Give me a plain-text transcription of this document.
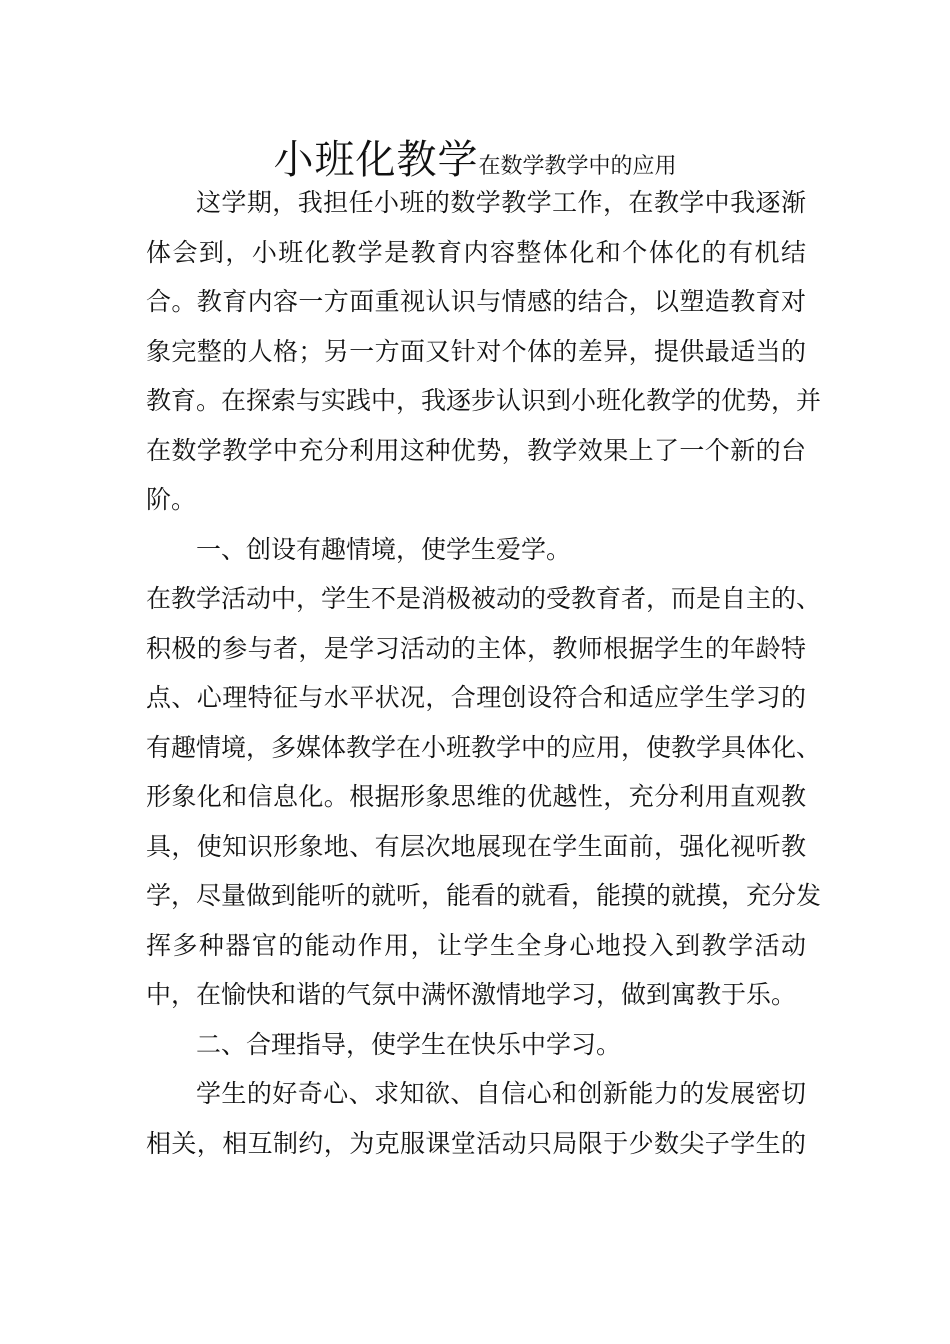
小班化教学在数学教学中的应用
这学期，我担任小班的数学教学工作，在教学中我逐渐
体会到，小班化教学是教育内容整体化和个体化的有机结
合。教育内容一方面重视认识与情感的结合，以塑造教育对
象完整的人格；另一方面又针对个体的差异，提供最适当的
教育。在探索与实践中，我逐步认识到小班化教学的优势，并
在数学教学中充分利用这种优势，教学效果上了一个新的台
阶。
一、创设有趣情境，使学生爱学。
在教学活动中，学生不是消极被动的受教育者，而是自主的、
积极的参与者，是学习活动的主体，教师根据学生的年龄特
点、心理特征与水平状况，合理创设符合和适应学生学习的
有趣情境，多媒体教学在小班教学中的应用，使教学具体化、
形象化和信息化。根据形象思维的优越性，充分利用直观教
具，使知识形象地、有层次地展现在学生面前，强化视听教
学，尽量做到能听的就听，能看的就看，能摸的就摸，充分发
挥多种器官的能动作用，让学生全身心地投入到教学活动
中，在愉快和谐的气氛中满怀激情地学习，做到寓教于乐。
二、合理指导，使学生在快乐中学习。
学生的好奇心、求知欲、自信心和创新能力的发展密切
相关，相互制约，为克服课堂活动只局限于少数尖子学生的
